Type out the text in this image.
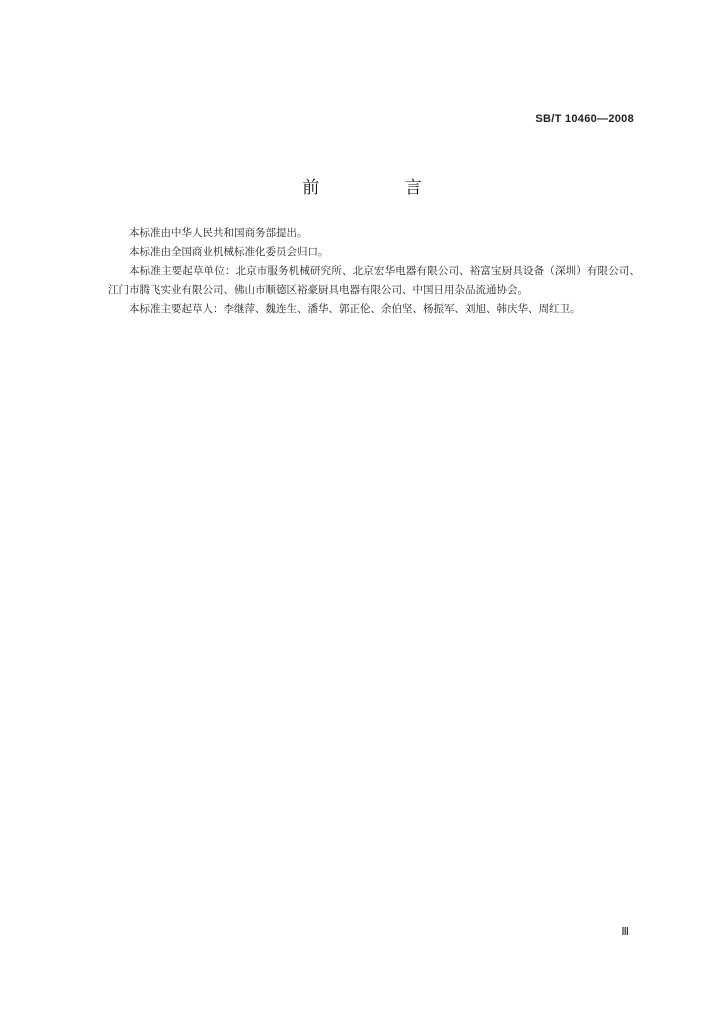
SB/T 10460—2008
前 言

本标准由中华人民共和国商务部提出。

本标准由全国商业机械标准化委员会归口。

本标准主要起草单位：北京市服务机械研究所、北京宏华电器有限公司、裕富宝厨具设备（深圳）有限公司、江门市腾飞实业有限公司、佛山市顺德区裕豪厨具电器有限公司、中国日用杂品流通协会。

本标准主要起草人：李继萍、魏连生、潘华、郭正伦、余伯坚、杨振军、刘旭、韩庆华、周红卫。

Ⅲ
